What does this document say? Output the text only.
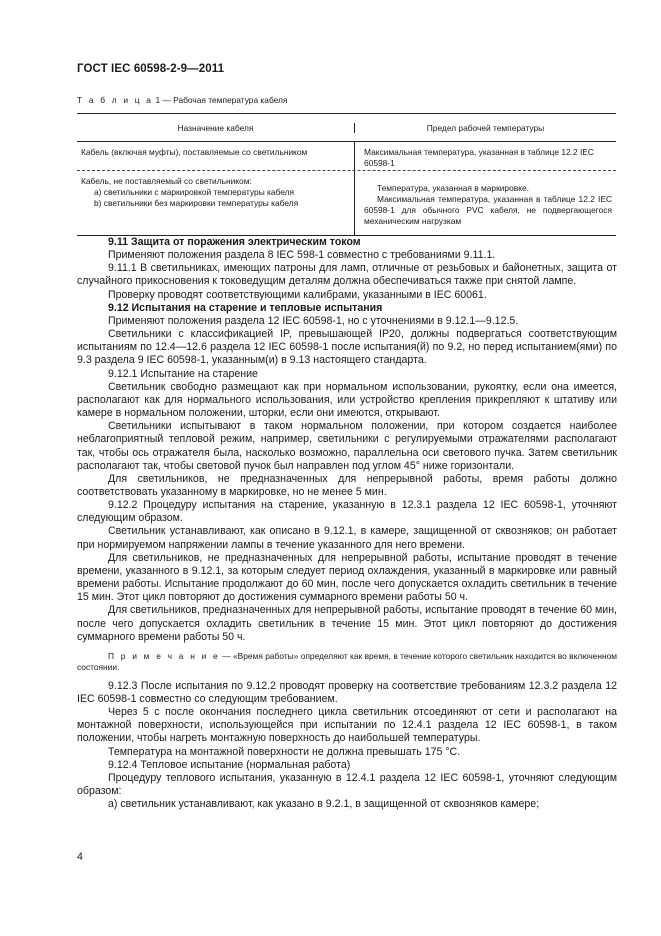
ГОСТ IEC 60598-2-9—2011
Т а б л и ц а 1 — Рабочая температура кабеля
Назначение кабеля	Предел рабочей температуры
Кабель (включая муфты), поставляемые со светильником	Максимальная температура, указанная в таблице 12.2 IEC 60598-1
Кабель, не поставляемый со светильником:
a) светильники с маркировкой температуры кабеля
b) светильники без маркировки температуры кабеля
Температура, указанная в маркировке.
Максимальная температура, указанная в таблице 12.2 IEC 60598-1 для обычного PVC кабеля, не подвергающегося механическим нагрузкам

9.11 Защита от поражения электрическим током

Применяют положения раздела 8 IEC 598-1 совместно с требованиями 9.11.1.

9.11.1 В светильниках, имеющих патроны для ламп, отличные от резьбовых и байонетных, защита от случайного прикосновения к токоведущим деталям должна обеспечиваться также при снятой лампе.

Проверку проводят соответствующими калибрами, указанными в IEC 60061.

9.12 Испытания на старение и тепловые испытания

Применяют положения раздела 12 IEC 60598-1, но с уточнениями в 9.12.1—9.12.5.

Светильники с классификацией IP, превышающей IP20, должны подвергаться соответствующим испытаниям по 12.4—12.6 раздела 12 IEC 60598-1 после испытания(й) по 9.2, но перед испытанием(ями) по 9.3 раздела 9 IEC 60598-1, указанным(и) в 9.13 настоящего стандарта.

9.12.1 Испытание на старение

Светильник свободно размещают как при нормальном использовании, рукоятку, если она имеется, располагают как для нормального использования, или устройство крепления прикрепляют к штативу или камере в нормальном положении, шторки, если они имеются, открывают.

Светильники испытывают в таком нормальном положении, при котором создается наиболее неблагоприятный тепловой режим, например, светильники с регулируемыми отражателями располагают так, чтобы ось отражателя была, насколько возможно, параллельна оси светового пучка. Затем светильник располагают так, чтобы световой пучок был направлен под углом 45° ниже горизонтали.

Для светильников, не предназначенных для непрерывной работы, время работы должно соответствовать указанному в маркировке, но не менее 5 мин.

9.12.2 Процедуру испытания на старение, указанную в 12.3.1 раздела 12 IEC 60598-1, уточняют следующим образом.

Светильник устанавливают, как описано в 9.12.1, в камере, защищенной от сквозняков; он работает при нормируемом напряжении лампы в течение указанного для него времени.

Для светильников, не предназначенных для непрерывной работы, испытание проводят в течение времени, указанного в 9.12.1, за которым следует период охлаждения, указанный в маркировке или равный времени работы. Испытание продолжают до 60 мин, после чего допускается охладить светильник в течение 15 мин. Этот цикл повторяют до достижения суммарного времени работы 50 ч.

Для светильников, предназначенных для непрерывной работы, испытание проводят в течение 60 мин, после чего допускается охладить светильник в течение 15 мин. Этот цикл повторяют до достижения суммарного времени работы 50 ч.

П р и м е ч а н и е — «Время работы» определяют как время, в течение которого светильник находится во включенном состоянии.

9.12.3 После испытания по 9.12.2 проводят проверку на соответствие требованиям 12.3.2 раздела 12 IEC 60598-1 совместно со следующим требованием.

Через 5 с после окончания последнего цикла светильник отсоединяют от сети и располагают на монтажной поверхности, использующейся при испытании по 12.4.1 раздела 12 IEC 60598-1, в таком положении, чтобы нагреть монтажную поверхность до наибольшей температуры.

Температура на монтажной поверхности не должна превышать 175 °С.

9.12.4 Тепловое испытание (нормальная работа)

Процедуру теплового испытания, указанную в 12.4.1 раздела 12 IEC 60598-1, уточняют следующим образом:

а) светильник устанавливают, как указано в 9.2.1, в защищенной от сквозняков камере;

4
